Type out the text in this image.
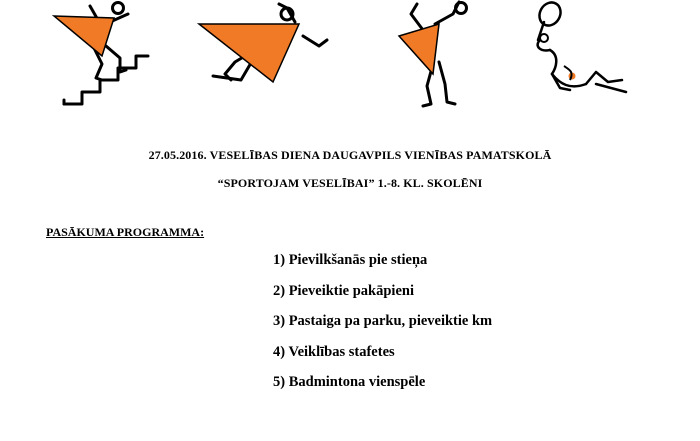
27.05.2016. VESELĪBAS DIENA DAUGAVPILS VIENĪBAS PAMATSKOLĀ
“SPORTOJAM VESELĪBAI” 1.-8. KL. SKOLĒNI
PASĀKUMA PROGRAMMA:
1) Pievilkšanās pie stieņa
2) Pieveiktie pakāpieni
3) Pastaiga pa parku, pieveiktie km
4) Veiklības stafetes
5) Badmintona vienspēle
